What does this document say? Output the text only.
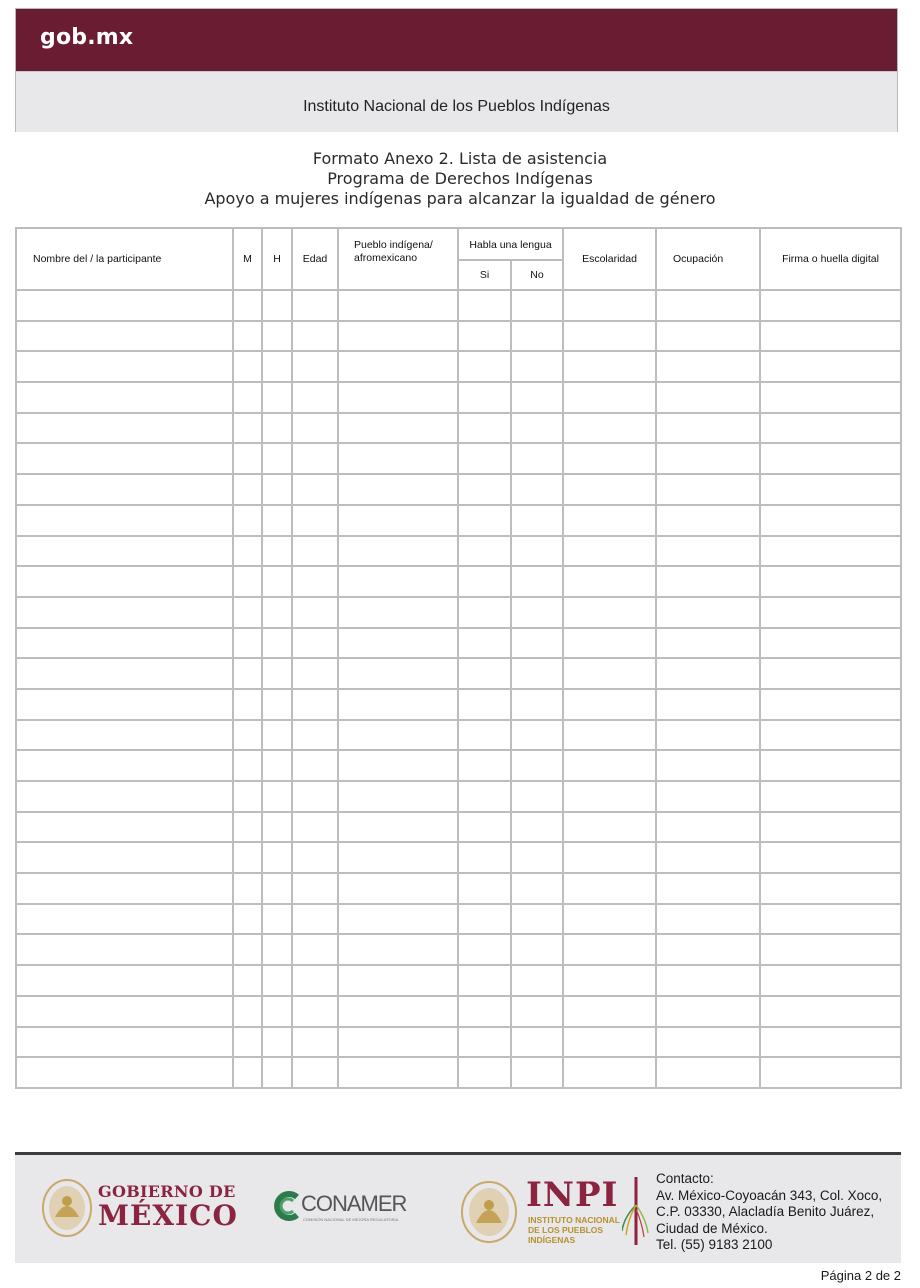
gob.mx
Instituto Nacional de los Pueblos Indígenas
Formato Anexo 2. Lista de asistencia
Programa de Derechos Indígenas
Apoyo a mujeres indígenas para alcanzar la igualdad de género
Nombre del / la participante	M	H	Edad	Pueblo indígena/ afromexicano	Habla una lengua		Escolaridad	Ocupación	Firma o huella digital
					Si	No			

GOBIERNO DE
MÉXICO	CONAMER
COMISIÓN NACIONAL DE MEJORA REGULATORIA
INPI
INSTITUTO NACIONAL
DE LOS PUEBLOS
INDÍGENAS
Contacto:
Av. México-Coyoacán 343, Col. Xoco,
C.P. 03330, Alacladía Benito Juárez,
Ciudad de México.
Tel. (55) 9183 2100
Página 2 de 2
